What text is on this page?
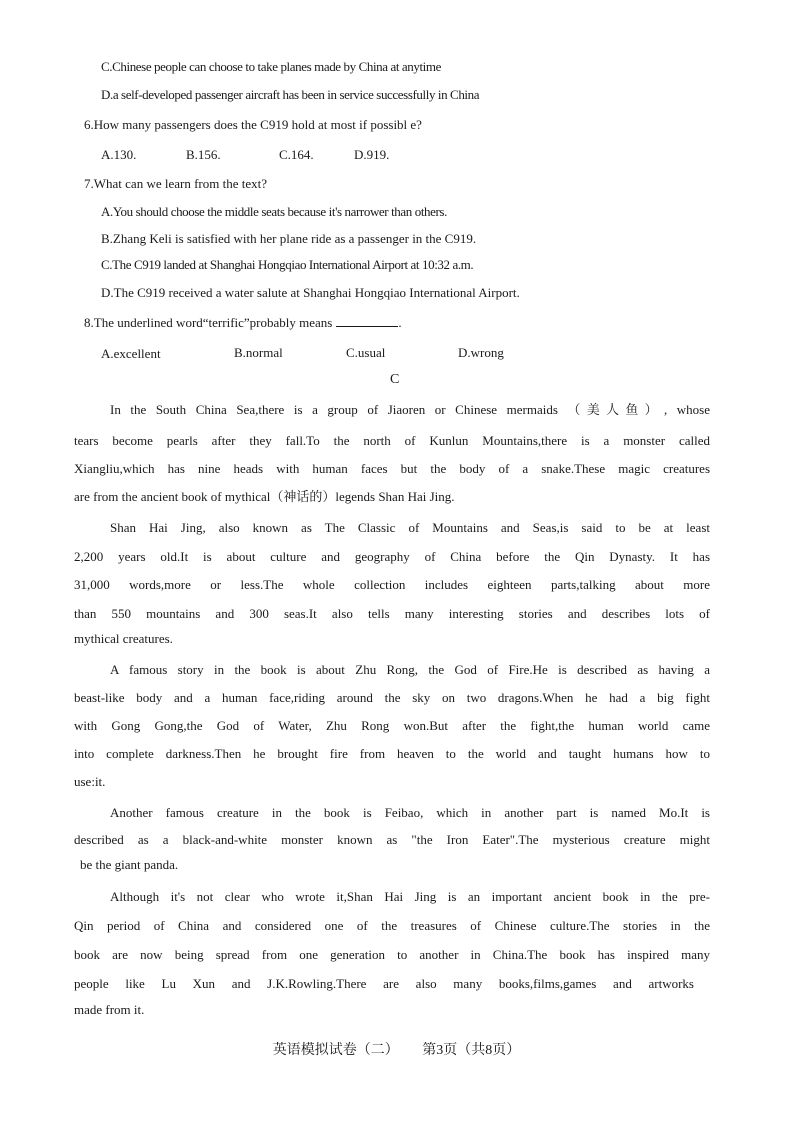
C.Chinese people can choose to take planes made by China at anytime
D.a self-developed passenger aircraft has been in service successfully in China
6.How many passengers does the C919 hold at most if possibl e?
A.130.	B.156.	C.164.	D.919.
7.What can we learn from the text?
A.You should choose the middle seats because it's narrower than others.
B.Zhang Keli is satisfied with her plane ride as a passenger in the C919.
C.The C919 landed at Shanghai Hongqiao International Airport at 10:32 a.m.
D.The C919 received a water salute at Shanghai Hongqiao International Airport.
8.The underlined word“terrific”probably means	.
A.excellent	B.normal	C.usual	D.wrong
C
In the South China Sea,there is a group of Jiaoren or Chinese mermaids （美人鱼）, whose
tears become pearls after they fall.To the north of Kunlun Mountains,there is a monster called
Xiangliu,which has nine heads with human faces but the body of a snake.These magic creatures
are from the ancient book of mythical（神话的）legends Shan Hai Jing.
Shan Hai Jing, also known as The Classic of Mountains and Seas,is said to be at least
2,200 years old.It is about culture and geography of China before the Qin Dynasty. It has
31,000 words,more or less.The whole collection includes eighteen parts,talking about more
than 550 mountains and 300 seas.It also tells many interesting stories and describes lots of
mythical creatures.
A famous story in the book is about Zhu Rong, the God of Fire.He is described as having a
beast-like body and a human face,riding around the sky on two dragons.When he had a big fight
with Gong Gong,the God of Water, Zhu Rong won.But after the fight,the human world came
into complete darkness.Then he brought fire from heaven to the world and taught humans how to
use:it.
Another famous creature in the book is Feibao, which in another part is named Mo.It is
described as a black-and-white monster known as "the Iron Eater".The mysterious creature might
be the giant panda.
Although it's not clear who wrote it,Shan Hai Jing is an important ancient book in the pre-
Qin period of China and considered one of the treasures of Chinese culture.The stories in the
book are now being spread from one generation to another in China.The book has inspired many
people like Lu Xun and J.K.Rowling.There are also many books,films,games and artworks
made from it.
英语模拟试卷（二） 第3页（共8页）
